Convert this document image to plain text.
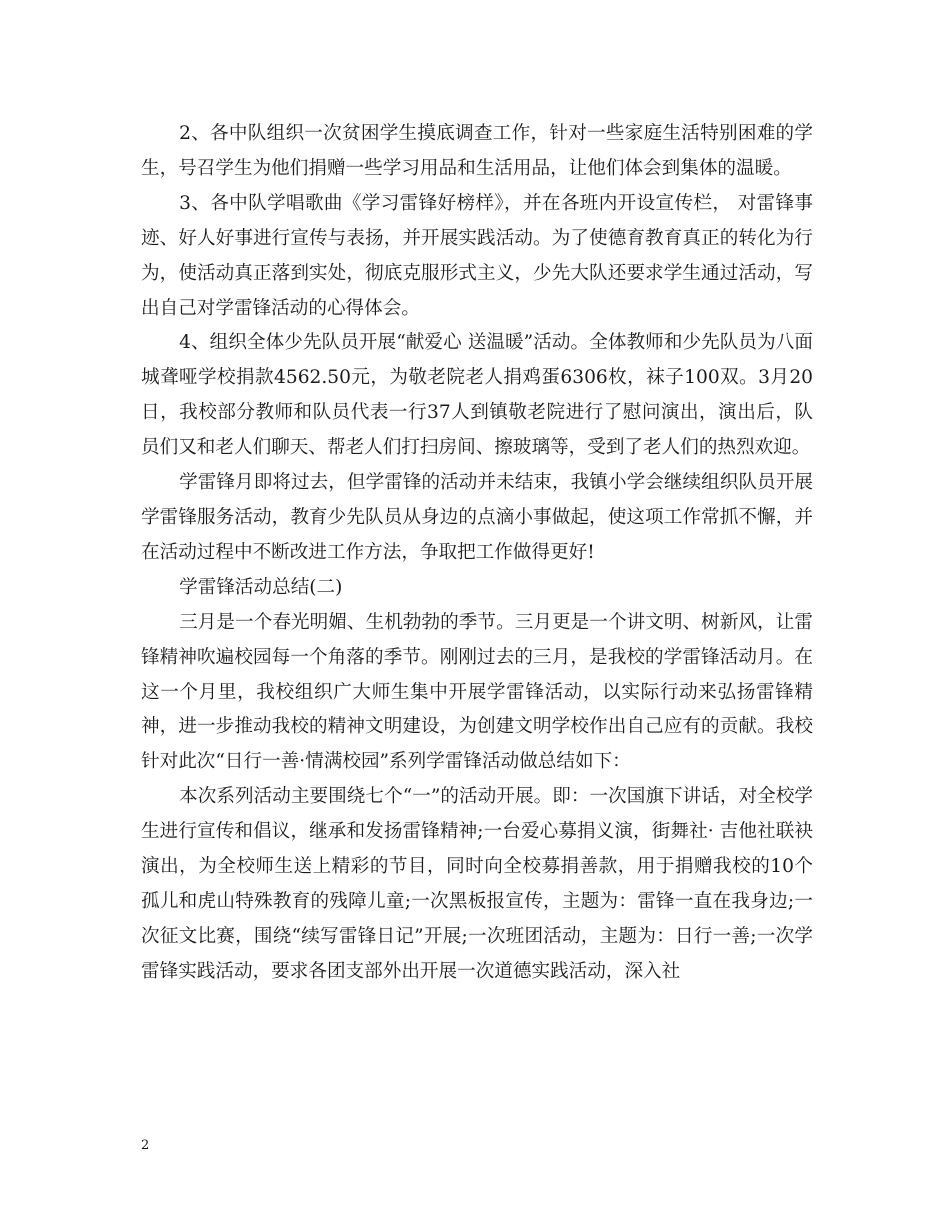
2、各中队组织一次贫困学生摸底调查工作，针对一些家庭生活特别困难的学生，号召学生为他们捐赠一些学习用品和生活用品，让他们体会到集体的温暖。

3、各中队学唱歌曲《学习雷锋好榜样》，并在各班内开设宣传栏， 对雷锋事迹、好人好事进行宣传与表扬，并开展实践活动。为了使德育教育真正的转化为行为，使活动真正落到实处，彻底克服形式主义，少先大队还要求学生通过活动，写出自己对学雷锋活动的心得体会。

4、组织全体少先队员开展“献爱心 送温暖”活动。全体教师和少先队员为八面城聋哑学校捐款4562.50元，为敬老院老人捐鸡蛋6306枚，袜子100双。3月20日，我校部分教师和队员代表一行37人到镇敬老院进行了慰问演出，演出后，队员们又和老人们聊天、帮老人们打扫房间、擦玻璃等，受到了老人们的热烈欢迎。

学雷锋月即将过去，但学雷锋的活动并未结束，我镇小学会继续组织队员开展学雷锋服务活动，教育少先队员从身边的点滴小事做起，使这项工作常抓不懈，并在活动过程中不断改进工作方法，争取把工作做得更好!

学雷锋活动总结(二)

三月是一个春光明媚、生机勃勃的季节。三月更是一个讲文明、树新风，让雷锋精神吹遍校园每一个角落的季节。刚刚过去的三月，是我校的学雷锋活动月。在这一个月里，我校组织广大师生集中开展学雷锋活动，以实际行动来弘扬雷锋精神，进一步推动我校的精神文明建设，为创建文明学校作出自己应有的贡献。我校针对此次“日行一善·情满校园”系列学雷锋活动做总结如下：

本次系列活动主要围绕七个“一”的活动开展。即：一次国旗下讲话，对全校学生进行宣传和倡议，继承和发扬雷锋精神;一台爱心募捐义演，街舞社· 吉他社联袂演出，为全校师生送上精彩的节目，同时向全校募捐善款，用于捐赠我校的10个孤儿和虎山特殊教育的残障儿童;一次黑板报宣传，主题为：雷锋一直在我身边;一次征文比赛，围绕“续写雷锋日记”开展;一次班团活动，主题为：日行一善;一次学雷锋实践活动，要求各团支部外出开展一次道德实践活动，深入社

2
